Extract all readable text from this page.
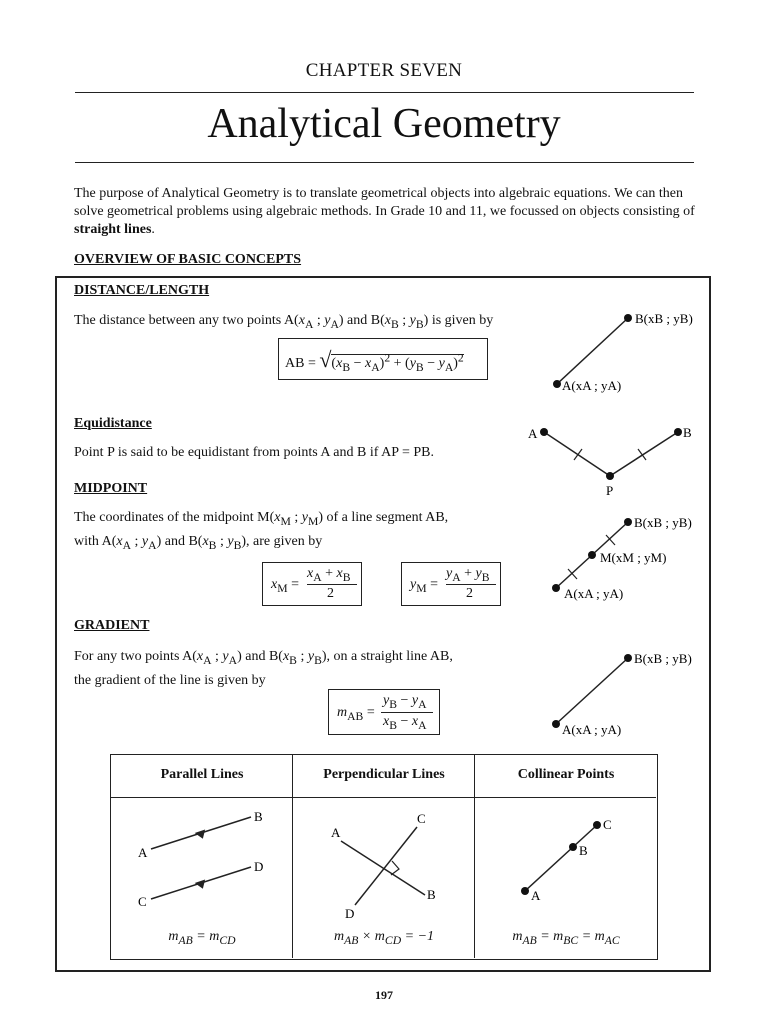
CHAPTER SEVEN
Analytical Geometry
The purpose of Analytical Geometry is to translate geometrical objects into algebraic equations. We can then solve geometrical problems using algebraic methods. In Grade 10 and 11, we focussed on objects consisting of straight lines.
OVERVIEW OF BASIC CONCEPTS
DISTANCE/LENGTH
The distance between any two points $A(x_A$ ; $y_A$) and $B(x_B$ ; $y_B$) is given by
AB = $√(x_B - x_A)^2 + (y_B - y_A)^2$
B(xB ; yB)
A(xA ; yA)
Equidistance
Point P is said to be equidistant from points A and B if AP = PB.
A	B
P
MIDPOINT
The coordinates of the midpoint $M(x_M$ ; $y_M$) of a line segment AB,
with $A(x_A$ ; $y_A$) and $B(x_B$ ; $y_B$), are given by
$x_M$ =
$x_A + x_B$
2
$y_M$ =
$y_A + y_B$
2
B(xB ; yB)
M(xM ; yM)
A(xA ; yA)
GRADIENT
For any two points $A(x_A$ ; $y_A$) and $B(x_B$ ; $y_B$), on a straight line AB,
the gradient of the line is given by
$m_{AB}$ =
$y_B - y_A$
$x_B - x_A$
B(xB ; yB)
A(xA ; yA)
Parallel Lines	Perpendicular Lines	Collinear Points
A
B
C
D
$m_{AB} = m_{CD}$
A
B
C
D
$m_{AB} \times m_{CD} = -1$
A
B
C
$m_{AB} = m_{BC} = m_{AC}$
197
